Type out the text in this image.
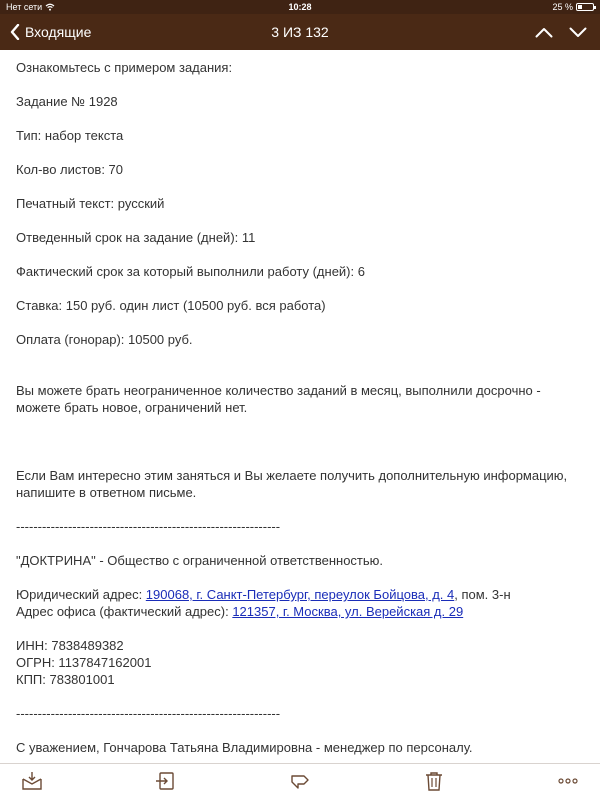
Нет сети	10:28	25 %
Входящие	3 ИЗ 132

Ознакомьтесь с примером задания:

Задание № 1928

Тип: набор текста

Кол-во листов: 70

Печатный текст: русский

Отведенный срок на задание (дней): 11

Фактический срок за который выполнили работу (дней): 6

Ставка: 150 руб. один лист (10500 руб. вся работа)

Оплата (гонорар): 10500 руб.

Вы можете брать неограниченное количество заданий в месяц, выполнили досрочно - можете брать новое, ограничений нет.

Если Вам интересно этим заняться и Вы желаете получить дополнительную информацию, напишите в ответном письме.

-------------------------------------------------------------

"ДОКТРИНА" - Общество с ограниченной ответственностью.

Юридический адрес: 190068, г. Санкт-Петербург, переулок Бойцова, д. 4, пом. 3-н

Адрес офиса (фактический адрес): 121357, г. Москва, ул. Верейская д. 29

ИНН: 7838489382

ОГРН: 1137847162001

КПП: 783801001

-------------------------------------------------------------

С уважением, Гончарова Татьяна Владимировна - менеджер по персоналу.
